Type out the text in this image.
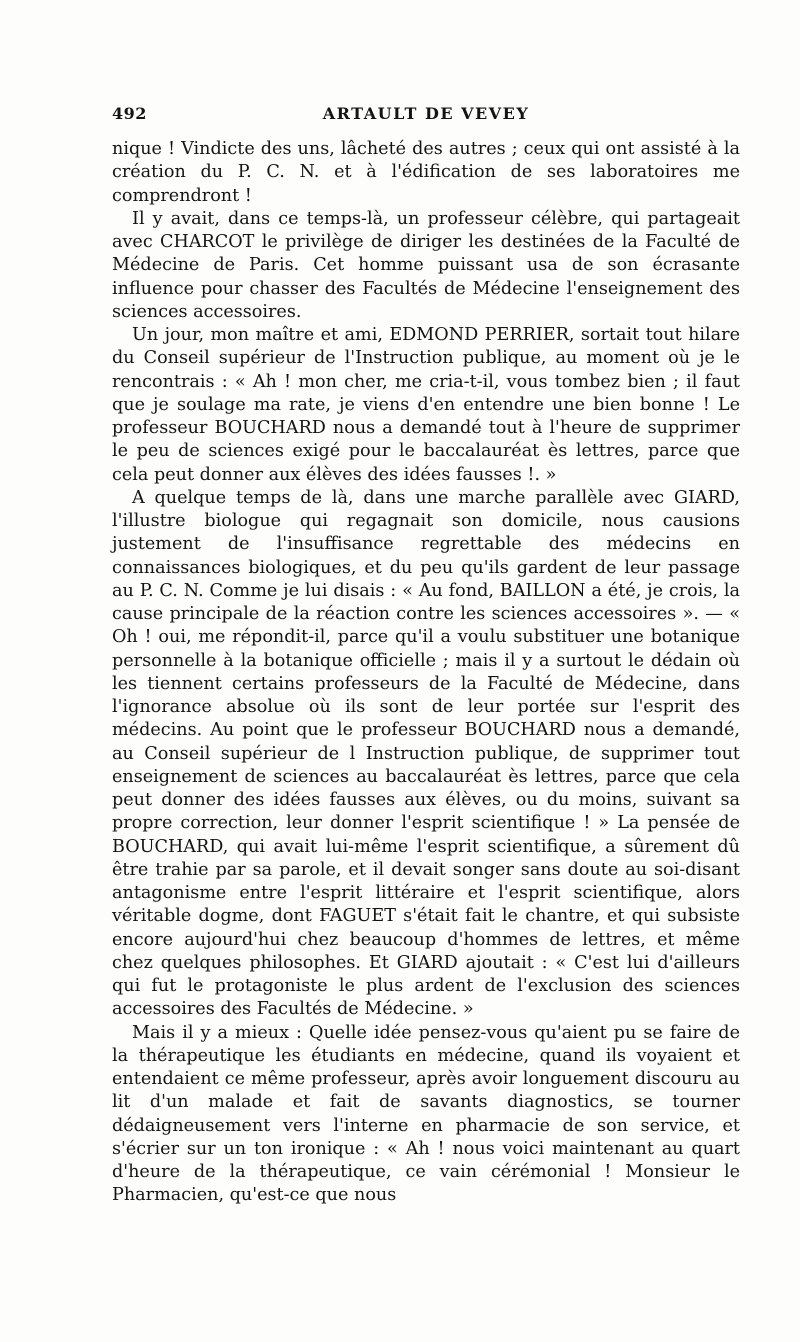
492	ARTAULT DE VEVEY

nique ! Vindicte des uns, lâcheté des autres ; ceux qui ont assisté à la création du P. C. N. et à l'édification de ses laboratoires me comprendront !

Il y avait, dans ce temps-là, un professeur célèbre, qui partageait avec CHARCOT le privilège de diriger les destinées de la Faculté de Médecine de Paris. Cet homme puissant usa de son écrasante influence pour chasser des Facultés de Médecine l'enseignement des sciences accessoires.

Un jour, mon maître et ami, EDMOND PERRIER, sortait tout hilare du Conseil supérieur de l'Instruction publique, au moment où je le rencontrais : « Ah ! mon cher, me cria-t-il, vous tombez bien ; il faut que je soulage ma rate, je viens d'en entendre une bien bonne ! Le professeur BOUCHARD nous a demandé tout à l'heure de supprimer le peu de sciences exigé pour le baccalauréat ès lettres, parce que cela peut donner aux élèves des idées fausses !. »

A quelque temps de là, dans une marche parallèle avec GIARD, l'illustre biologue qui regagnait son domicile, nous causions justement de l'insuffisance regrettable des médecins en connaissances biologiques, et du peu qu'ils gardent de leur passage au P. C. N. Comme je lui disais : « Au fond, BAILLON a été, je crois, la cause principale de la réaction contre les sciences accessoires ». — « Oh ! oui, me répondit-il, parce qu'il a voulu substituer une botanique personnelle à la botanique officielle ; mais il y a surtout le dédain où les tiennent certains professeurs de la Faculté de Médecine, dans l'ignorance absolue où ils sont de leur portée sur l'esprit des médecins. Au point que le professeur BOUCHARD nous a demandé, au Conseil supérieur de l Instruction publique, de supprimer tout enseignement de sciences au baccalauréat ès lettres, parce que cela peut donner des idées fausses aux élèves, ou du moins, suivant sa propre correction, leur donner l'esprit scientifique ! » La pensée de BOUCHARD, qui avait lui-même l'esprit scientifique, a sûrement dû être trahie par sa parole, et il devait songer sans doute au soi-disant antagonisme entre l'esprit littéraire et l'esprit scientifique, alors véritable dogme, dont FAGUET s'était fait le chantre, et qui subsiste encore aujourd'hui chez beaucoup d'hommes de lettres, et même chez quelques philosophes. Et GIARD ajoutait : « C'est lui d'ailleurs qui fut le protagoniste le plus ardent de l'exclusion des sciences accessoires des Facultés de Médecine. »

Mais il y a mieux : Quelle idée pensez-vous qu'aient pu se faire de la thérapeutique les étudiants en médecine, quand ils voyaient et entendaient ce même professeur, après avoir longuement discouru au lit d'un malade et fait de savants diagnostics, se tourner dédaigneusement vers l'interne en pharmacie de son service, et s'écrier sur un ton ironique : « Ah ! nous voici maintenant au quart d'heure de la thérapeutique, ce vain cérémonial ! Monsieur le Pharmacien, qu'est-ce que nous
